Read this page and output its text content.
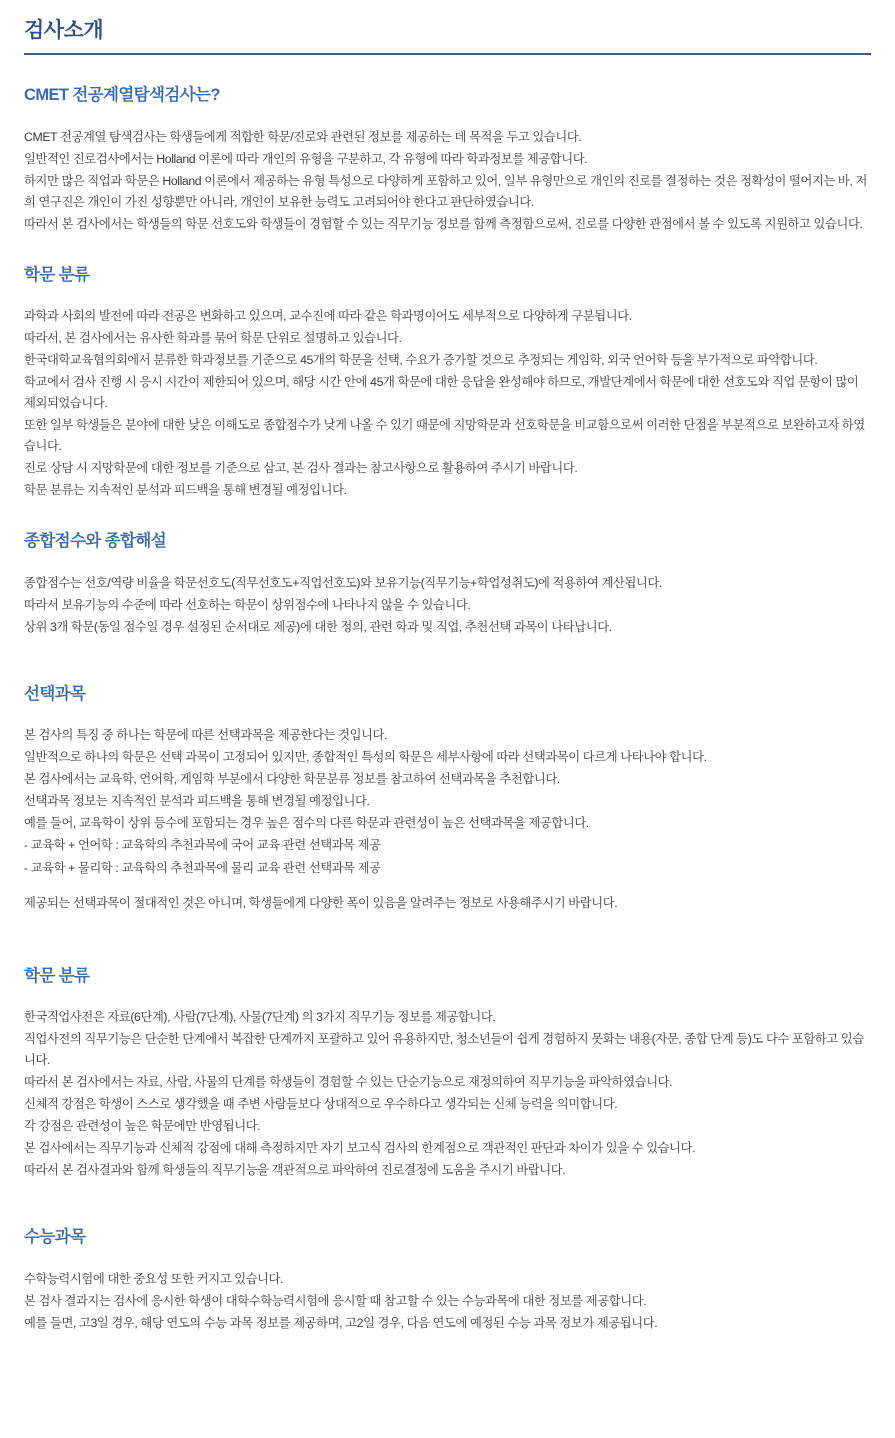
검사소개
CMET 전공계열탐색검사는?

CMET 전공계열 탐색검사는 학생들에게 적합한 학문/진로와 관련된 정보를 제공하는 데 목적을 두고 있습니다.

일반적인 진로검사에서는 Holland 이론에 따라 개인의 유형을 구분하고, 각 유형에 따라 학과정보를 제공합니다.

하지만 많은 직업과 학문은 Holland 이론에서 제공하는 유형 특성으로 다양하게 포함하고 있어, 일부 유형만으로 개인의 진로를 결정하는 것은 정확성이 떨어지는 바, 저희 연구진은 개인이 가진 성향뿐만 아니라, 개인이 보유한 능력도 고려되어야 한다고 판단하였습니다.

따라서 본 검사에서는 학생들의 학문 선호도와 학생들이 경험할 수 있는 직무기능 정보를 함께 측정함으로써, 진로를 다양한 관점에서 볼 수 있도록 지원하고 있습니다.

학문 분류

과학과 사회의 발전에 따라 전공은 변화하고 있으며, 교수진에 따라 같은 학과명이어도 세부적으로 다양하게 구분됩니다.

따라서, 본 검사에서는 유사한 학과를 묶어 학문 단위로 설명하고 있습니다.

한국대학교육협의회에서 분류한 학과정보를 기준으로 45개의 학문을 선택, 수요가 증가할 것으로 추정되는 게임학, 외국 언어학 등을 부가적으로 파악합니다.

학교에서 검사 진행 시 응시 시간이 제한되어 있으며, 해당 시간 안에 45개 학문에 대한 응답을 완성해야 하므로, 개발단계에서 학문에 대한 선호도와 직업 문항이 많이 제외되었습니다.

또한 일부 학생들은 분야에 대한 낮은 이해도로 종합점수가 낮게 나올 수 있기 때문에 지망학문과 선호학문을 비교함으로써 이러한 단점을 부분적으로 보완하고자 하였습니다.

진로 상담 시 지망학문에 대한 정보를 기준으로 삼고, 본 검사 결과는 참고사항으로 활용하여 주시기 바랍니다.

학문 분류는 지속적인 분석과 피드백을 통해 변경될 예정입니다.

종합점수와 종합해설

종합점수는 선호/역량 비율을 학문선호도(직무선호도+직업선호도)와 보유기능(직무기능+학업성취도)에 적용하여 계산됩니다.

따라서 보유기능의 수준에 따라 선호하는 학문이 상위점수에 나타나지 않을 수 있습니다.

상위 3개 학문(동일 점수일 경우 설정된 순서대로 제공)에 대한 정의, 관련 학과 및 직업, 추천선택 과목이 나타납니다.

선택과목

본 검사의 특징 중 하나는 학문에 따른 선택과목을 제공한다는 것입니다.

일반적으로 하나의 학문은 선택 과목이 고정되어 있지만, 종합적인 특성의 학문은 세부사항에 따라 선택과목이 다르게 나타나야 합니다.

본 검사에서는 교육학, 언어학, 게임학 부분에서 다양한 학문분류 정보를 참고하여 선택과목을 추천합니다.

선택과목 정보는 지속적인 분석과 피드백을 통해 변경될 예정입니다.

예를 들어, 교육학이 상위 등수에 포함되는 경우 높은 점수의 다른 학문과 관련성이 높은 선택과목을 제공합니다.

- 교육학 + 언어학 : 교육학의 추천과목에 국어 교육 관련 선택과목 제공

- 교육학 + 물리학 : 교육학의 추천과목에 물리 교육 관련 선택과목 제공

제공되는 선택과목이 절대적인 것은 아니며, 학생들에게 다양한 폭이 있음을 알려주는 정보로 사용해주시기 바랍니다.

학문 분류

한국직업사전은 자료(6단계), 사람(7단계), 사물(7단계) 의 3가지 직무기능 정보를 제공합니다.

직업사전의 직무기능은 단순한 단계에서 복잡한 단계까지 포괄하고 있어 유용하지만, 청소년들이 쉽게 경험하지 못화는 내용(자문, 종합 단계 등)도 다수 포함하고 있습니다.

따라서 본 검사에서는 자료, 사람, 사물의 단계를 학생들이 경험할 수 있는 단순기능으로 재정의하여 직무기능을 파악하였습니다.

신체적 강점은 학생이 스스로 생각했을 때 주변 사람들보다 상대적으로 우수하다고 생각되는 신체 능력을 의미합니다.

각 강점은 관련성이 높은 학문에만 반영됩니다.

본 검사에서는 직무기능과 신체적 강점에 대해 측정하지만 자기 보고식 검사의 한계점으로 객관적인 판단과 차이가 있을 수 있습니다.

따라서 본 검사결과와 함께 학생들의 직무기능을 객관적으로 파악하여 진로결정에 도움을 주시기 바랍니다.

수능과목

수학능력시험에 대한 중요성 또한 커지고 있습니다.

본 검사 결과지는 검사에 응시한 학생이 대학수학능력시험에 응시할 때 참고할 수 있는 수능과목에 대한 정보를 제공합니다.

예를 들면, 고3일 경우, 해당 연도의 수능 과목 정보를 제공하며, 고2일 경우, 다음 연도에 예정된 수능 과목 정보가 제공됩니다.
